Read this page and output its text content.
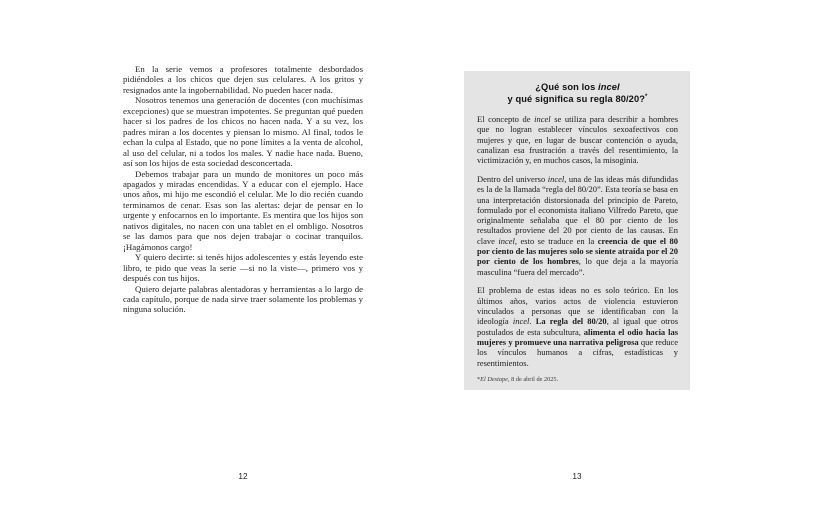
En la serie vemos a profesores totalmente desbordados pidiéndoles a los chicos que dejen sus celulares. A los gritos y resignados ante la ingobernabilidad. No pueden hacer nada.

Nosotros tenemos una generación de docentes (con muchísimas excepciones) que se muestran impotentes. Se preguntan qué pueden hacer si los padres de los chicos no hacen nada. Y a su vez, los padres miran a los docentes y piensan lo mismo. Al final, todos le echan la culpa al Estado, que no pone límites a la venta de alcohol, al uso del celular, ni a todos los males. Y nadie hace nada. Bueno, así son los hijos de esta sociedad desconcertada.

Debemos trabajar para un mundo de monitores un poco más apagados y miradas encendidas. Y a educar con el ejemplo. Hace unos años, mi hijo me escondió el celular. Me lo dio recién cuando terminamos de cenar. Esas son las alertas: dejar de pensar en lo urgente y enfocarnos en lo importante. Es mentira que los hijos son nativos digitales, no nacen con una tablet en el ombligo. Nosotros se las damos para que nos dejen trabajar o cocinar tranquilos. ¡Hagámonos cargo!

Y quiero decirte: si tenés hijos adolescentes y estás leyendo este libro, te pido que veas la serie —si no la viste—, primero vos y después con tus hijos.

Quiero dejarte palabras alentadoras y herramientas a lo largo de cada capítulo, porque de nada sirve traer solamente los problemas y ninguna solución.

¿Qué son los incel
y qué significa su regla 80/20?*

El concepto de incel se utiliza para describir a hombres que no logran establecer vínculos sexoafectivos con mujeres y que, en lugar de buscar contención o ayuda, canalizan esa frustración a través del resentimiento, la victimización y, en muchos casos, la misoginia.

Dentro del universo incel, una de las ideas más difundidas es la de la llamada “regla del 80/20”. Esta teoría se basa en una interpretación distorsionada del principio de Pareto, formulado por el economista italiano Vilfredo Pareto, que originalmente señalaba que el 80 por ciento de los resultados proviene del 20 por ciento de las causas. En clave incel, esto se traduce en la creencia de que el 80 por ciento de las mujeres solo se siente atraída por el 20 por ciento de los hombres, lo que deja a la mayoría masculina “fuera del mercado”.

El problema de estas ideas no es solo teórico. En los últimos años, varios actos de violencia estuvieron vinculados a personas que se identificaban con la ideología incel. La regla del 80/20, al igual que otros postulados de esta subcultura, alimenta el odio hacia las mujeres y promueve una narrativa peligrosa que reduce los vínculos humanos a cifras, estadísticas y resentimientos.

*El Destape, 8 de abril de 2025.
12	13
